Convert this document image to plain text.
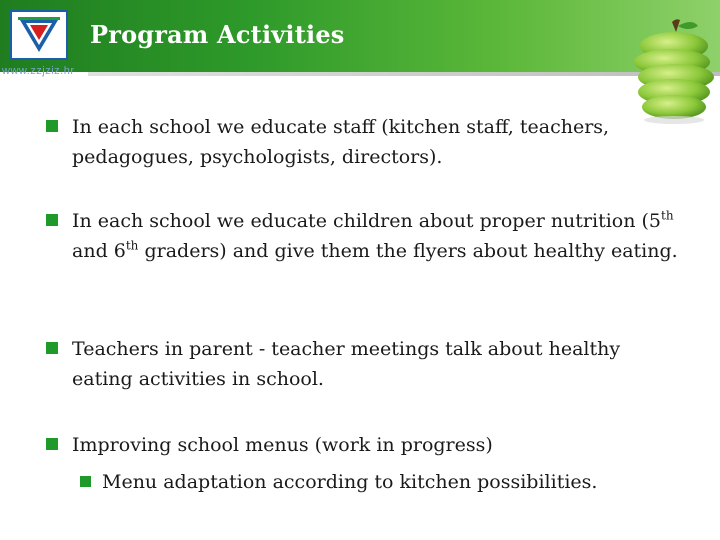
Program Activities
www.zzjziz.hr
In each school we educate staff (kitchen staff, teachers, pedagogues, psychologists, directors).
In each school we educate children about proper nutrition (5th and 6th graders) and give them the flyers about healthy eating.
Teachers in parent - teacher meetings talk about healthy eating activities in school.
Improving school menus (work in progress)
Menu adaptation according to kitchen possibilities.
